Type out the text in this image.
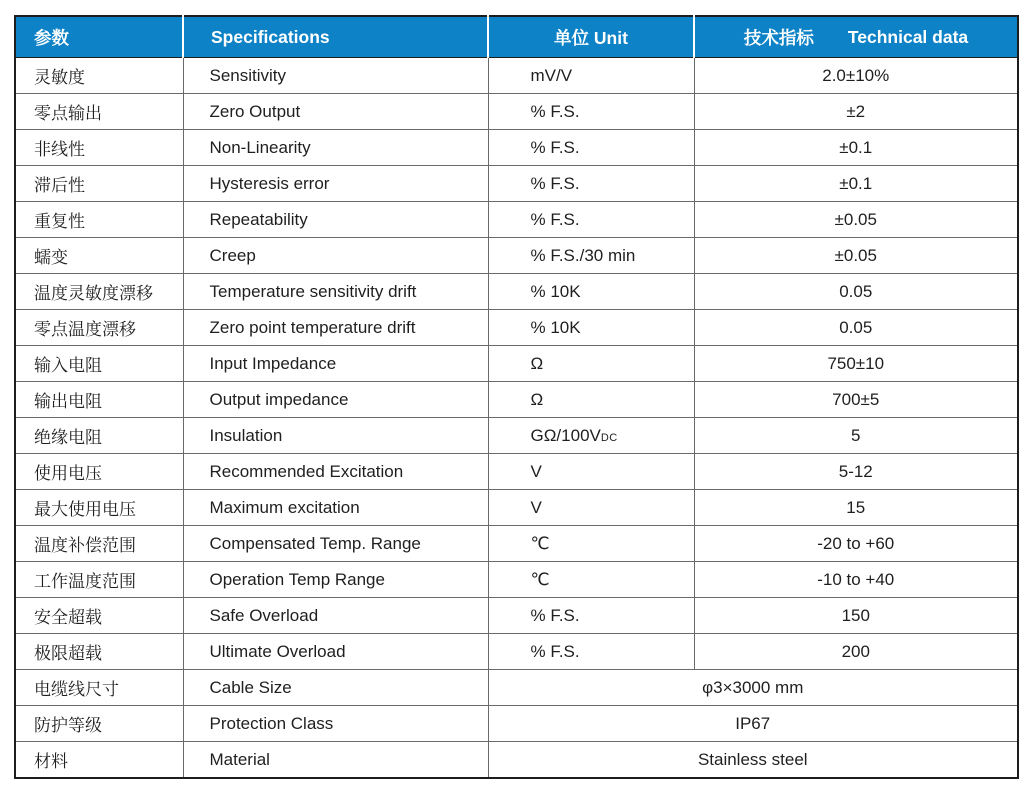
参数	Specifications	单位 Unit	技术指标 Technical data

灵敏度	Sensitivity	mV/V	2.0±10%
零点输出	Zero Output	% F.S.	±2
非线性	Non-Linearity	% F.S.	±0.1
滞后性	Hysteresis error	% F.S.	±0.1
重复性	Repeatability	% F.S.	±0.05
蠕变	Creep	% F.S./30 min	±0.05
温度灵敏度漂移	Temperature sensitivity drift	% 10K	0.05
零点温度漂移	Zero point temperature drift	% 10K	0.05
输入电阻	Input Impedance	Ω	750±10
输出电阻	Output impedance	Ω	700±5
绝缘电阻	Insulation	GΩ/100VDC	5
使用电压	Recommended Excitation	V	5-12
最大使用电压	Maximum excitation	V	15
温度补偿范围	Compensated Temp. Range	℃	-20 to +60
工作温度范围	Operation Temp Range	℃	-10 to +40
安全超载	Safe Overload	% F.S.	150
极限超载	Ultimate Overload	% F.S.	200
电缆线尺寸	Cable Size	φ3×3000 mm	
防护等级	Protection Class	IP67	
材料	Material	Stainless steel	
